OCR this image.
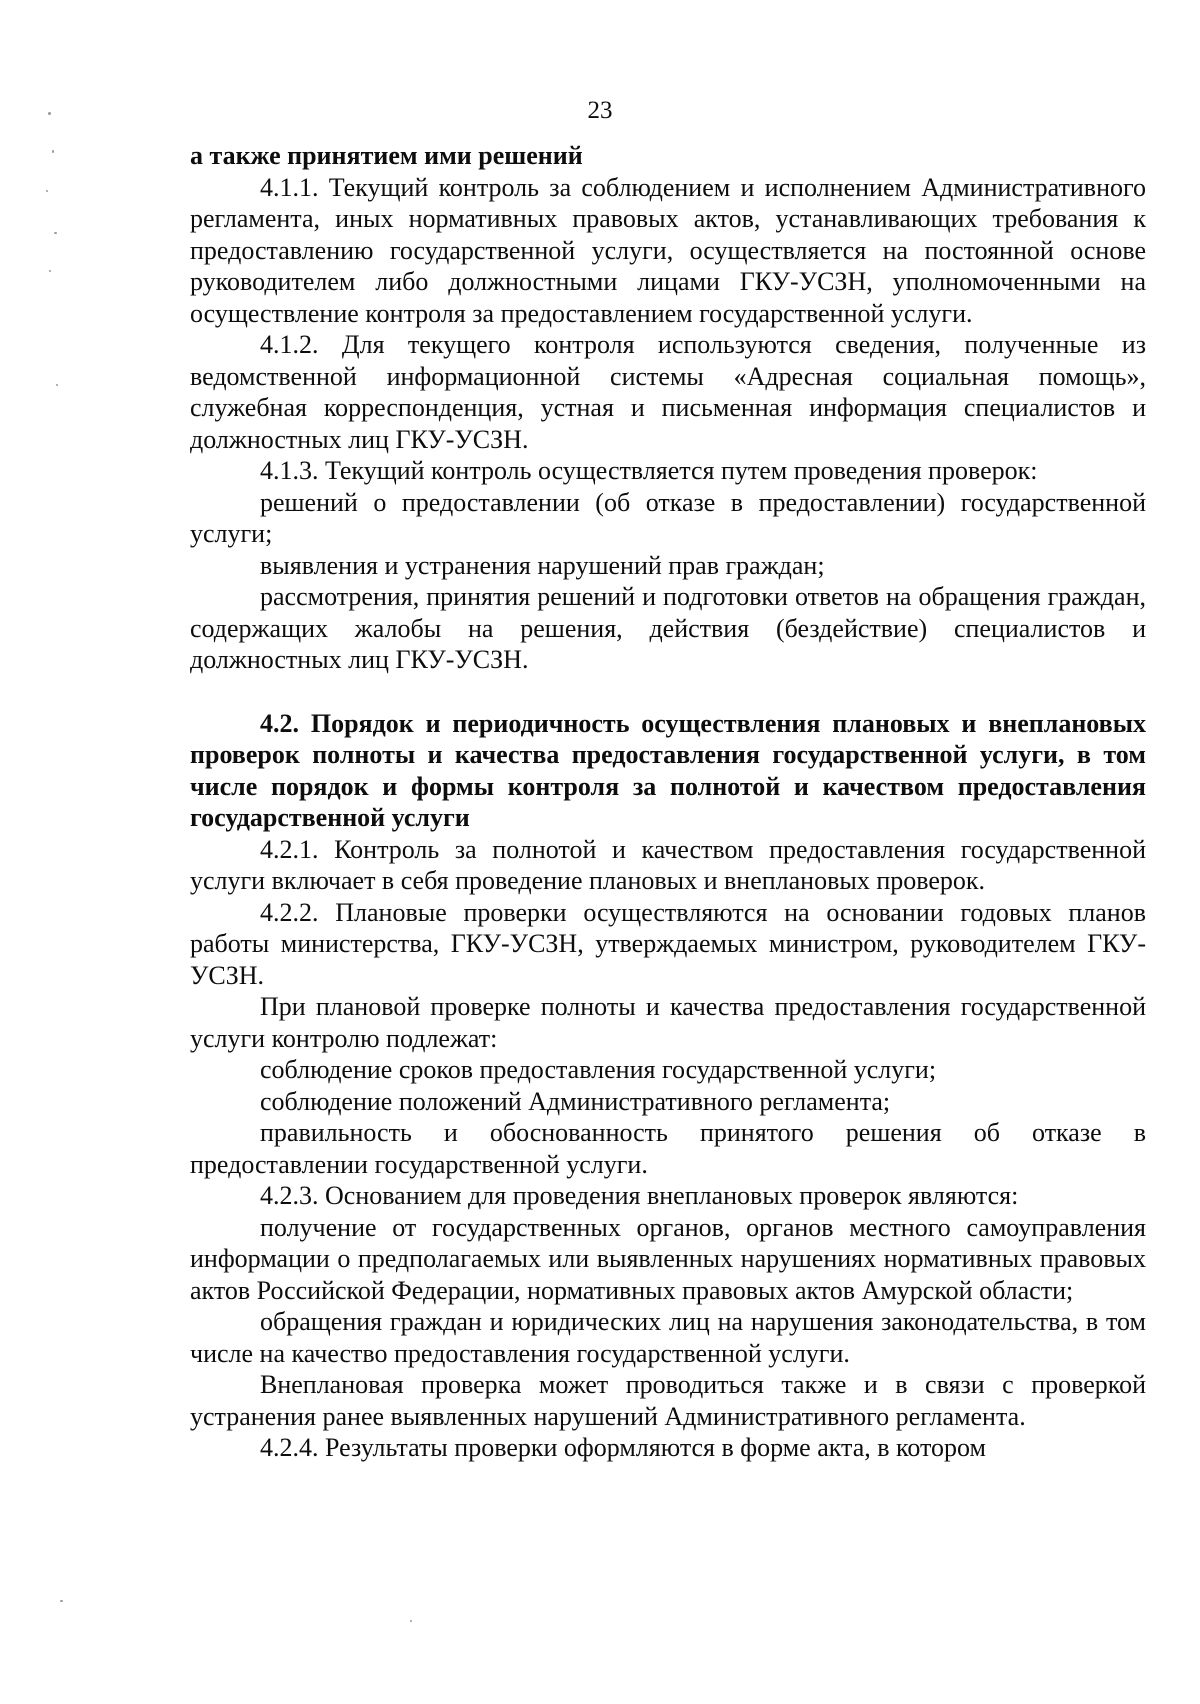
23

а также принятием ими решений

4.1.1. Текущий контроль за соблюдением и исполнением Административного регламента, иных нормативных правовых актов, устанавливающих требования к предоставлению государственной услуги, осуществляется на постоянной основе руководителем либо должностными лицами ГКУ-УСЗН, уполномоченными на осуществление контроля за предоставлением государственной услуги.

4.1.2. Для текущего контроля используются сведения, полученные из ведомственной информационной системы «Адресная социальная помощь», служебная корреспонденция, устная и письменная информация специалистов и должностных лиц ГКУ-УСЗН.

4.1.3. Текущий контроль осуществляется путем проведения проверок:

решений о предоставлении (об отказе в предоставлении) государственной услуги;

выявления и устранения нарушений прав граждан;

рассмотрения, принятия решений и подготовки ответов на обращения граждан, содержащих жалобы на решения, действия (бездействие) специалистов и должностных лиц ГКУ-УСЗН.

4.2. Порядок и периодичность осуществления плановых и внеплановых проверок полноты и качества предоставления государственной услуги, в том числе порядок и формы контроля за полнотой и качеством предоставления государственной услуги

4.2.1. Контроль за полнотой и качеством предоставления государственной услуги включает в себя проведение плановых и внеплановых проверок.

4.2.2. Плановые проверки осуществляются на основании годовых планов работы министерства, ГКУ-УСЗН, утверждаемых министром, руководителем ГКУ-УСЗН.

При плановой проверке полноты и качества предоставления государственной услуги контролю подлежат:

соблюдение сроков предоставления государственной услуги;

соблюдение положений Административного регламента;

правильность и обоснованность принятого решения об отказе в предоставлении государственной услуги.

4.2.3. Основанием для проведения внеплановых проверок являются:

получение от государственных органов, органов местного самоуправления информации о предполагаемых или выявленных нарушениях нормативных правовых актов Российской Федерации, нормативных правовых актов Амурской области;

обращения граждан и юридических лиц на нарушения законодательства, в том числе на качество предоставления государственной услуги.

Внеплановая проверка может проводиться также и в связи с проверкой устранения ранее выявленных нарушений Административного регламента.

4.2.4. Результаты проверки оформляются в форме акта, в котором
